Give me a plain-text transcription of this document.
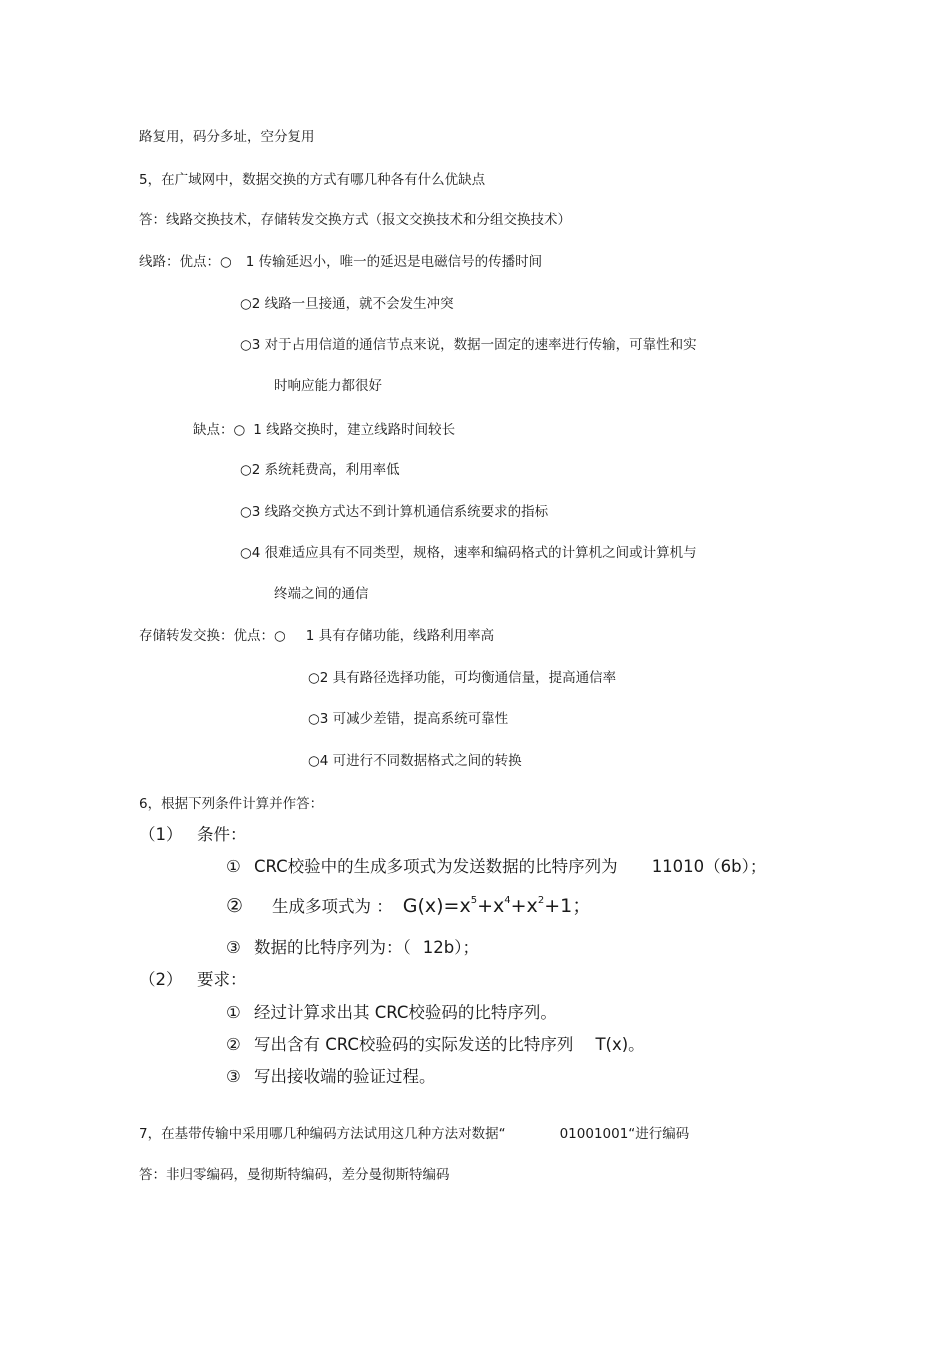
路复用，码分多址，空分复用
5，在广域网中，数据交换的方式有哪几种各有什么优缺点
答：线路交换技术，存储转发交换方式（报文交换技术和分组交换技术）
线路：优点：○ 1 传输延迟小，唯一的延迟是电磁信号的传播时间
○2 线路一旦接通，就不会发生冲突
○3 对于占用信道的通信节点来说，数据一固定的速率进行传输，可靠性和实
时响应能力都很好
缺点：○ 1 线路交换时，建立线路时间较长
○2 系统耗费高，利用率低
○3 线路交换方式达不到计算机通信系统要求的指标
○4 很难适应具有不同类型，规格，速率和编码格式的计算机之间或计算机与
终端之间的通信
存储转发交换：优点：○ 1 具有存储功能，线路利用率高
○2 具有路径选择功能，可均衡通信量，提高通信率
○3 可减少差错，提高系统可靠性
○4 可进行不同数据格式之间的转换
6，根据下列条件计算并作答：
（1） 条件：
① CRC校验中的生成多项式为发送数据的比特序列为 11010（6b）；
② 生成多项式为 ： $G(x)=x^5+x^4+x^2+1$；
③ 数据的比特序列为：（ 12b）；
（2） 要求：
① 经过计算求出其 CRC校验码的比特序列。
② 写出含有 CRC校验码的实际发送的比特序列 T(x)。
③ 写出接收端的验证过程。
7，在基带传输中采用哪几种编码方法试用这几种方法对数据“	01001001“进行编码
答：非归零编码，曼彻斯特编码，差分曼彻斯特编码
